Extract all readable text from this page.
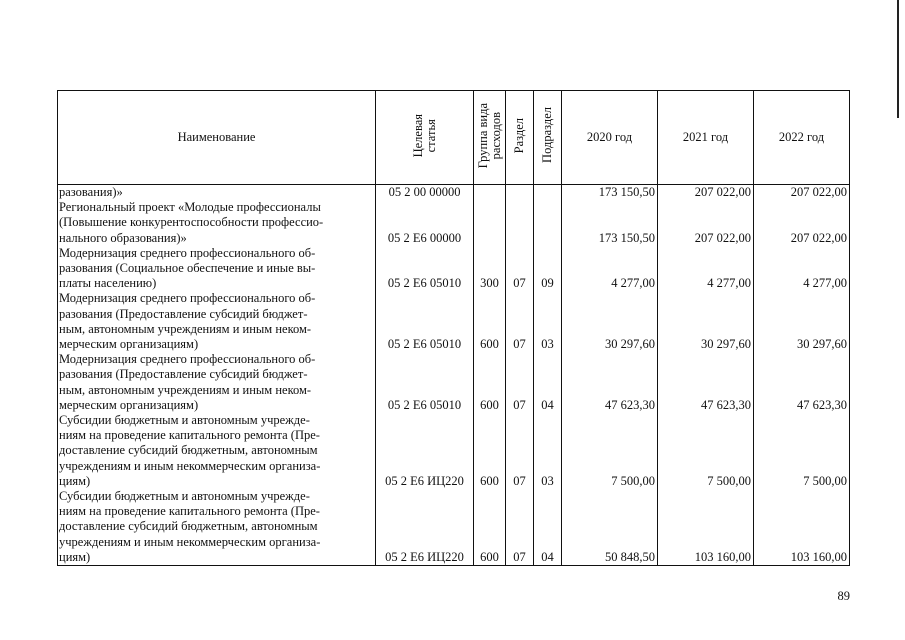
Наименование	Целевая
статья	Группа вида
расходов	Раздел	Подраздел	2020 год	2021 год	2022 год

разования)»	05 2 00 00000				173 150,50	207 022,00	207 022,00

Региональный проект «Молодые профессионалы
(Повышение конкурентоспособности профессио-
нального образования)»	05 2 Е6 00000				173 150,50	207 022,00	207 022,00

Модернизация среднего профессионального об-
разования (Социальное обеспечение и иные вы-
платы населению)	05 2 Е6 05010	300	07	09	4 277,00	4 277,00	4 277,00

Модернизация среднего профессионального об-
разования (Предоставление субсидий бюджет-
ным, автономным учреждениям и иным неком-
мерческим организациям)	05 2 Е6 05010	600	07	03	30 297,60	30 297,60	30 297,60

Модернизация среднего профессионального об-
разования (Предоставление субсидий бюджет-
ным, автономным учреждениям и иным неком-
мерческим организациям)	05 2 Е6 05010	600	07	04	47 623,30	47 623,30	47 623,30

Субсидии бюджетным и автономным учрежде-
ниям на проведение капитального ремонта (Пре-
доставление субсидий бюджетным, автономным
учреждениям и иным некоммерческим организа-
циям)	05 2 Е6 ИЦ220	600	07	03	7 500,00	7 500,00	7 500,00

Субсидии бюджетным и автономным учрежде-
ниям на проведение капитального ремонта (Пре-
доставление субсидий бюджетным, автономным
учреждениям и иным некоммерческим организа-
циям)	05 2 Е6 ИЦ220	600	07	04	50 848,50	103 160,00	103 160,00
89
